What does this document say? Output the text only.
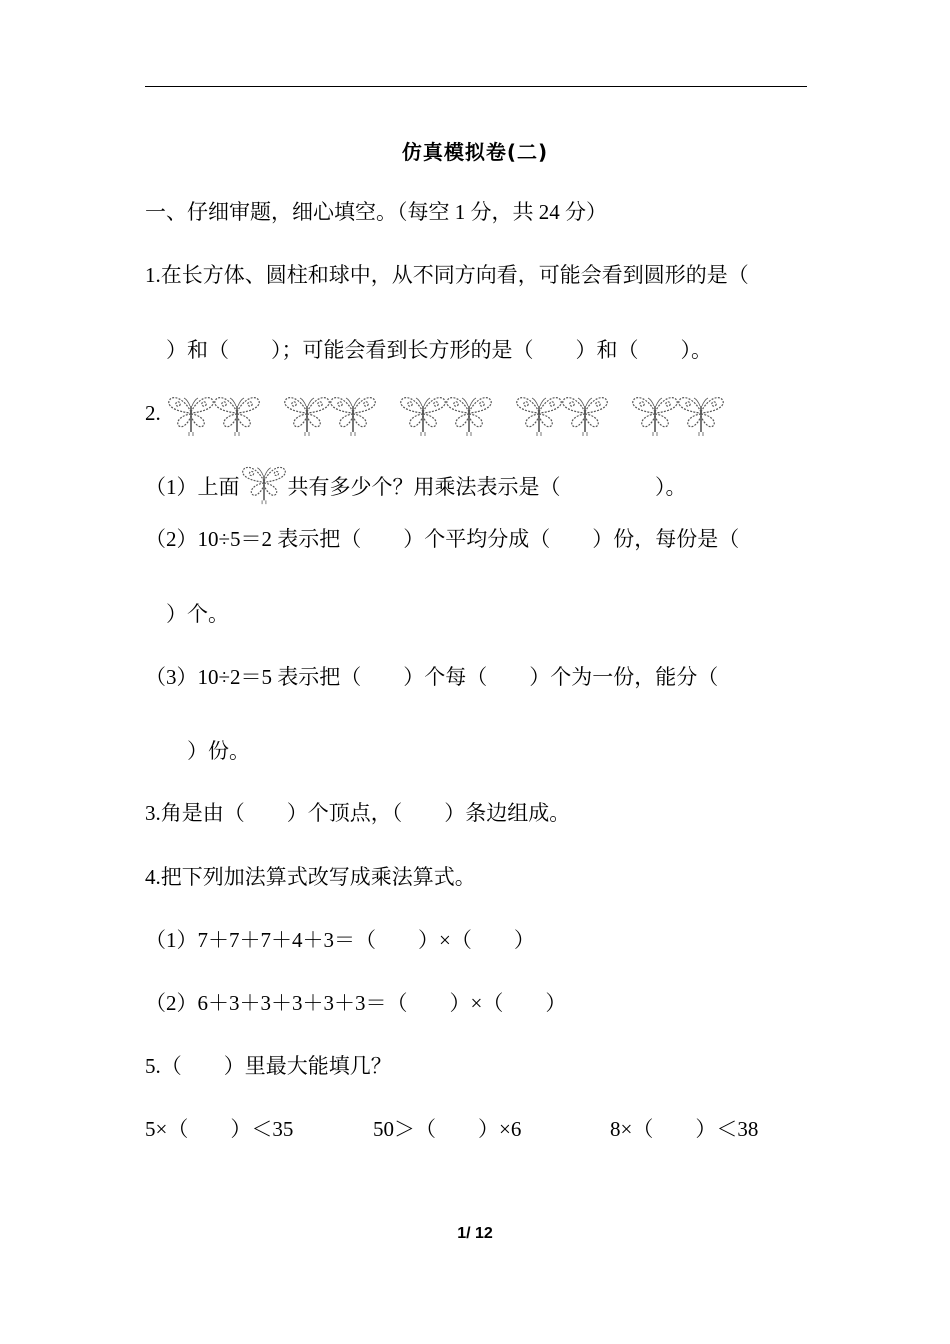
仿真模拟卷(二)
一、仔细审题，细心填空。（每空 1 分，共 24 分）
1.在长方体、圆柱和球中，从不同方向看，可能会看到圆形的是（
）和（        ）；可能会看到长方形的是（        ）和（        ）。
2.
（1）上面 共有多少个？用乘法表示是（                  ）。
（2）10÷5＝2 表示把（        ）个平均分成（        ）份，每份是（
）个。
（3）10÷2＝5 表示把（        ）个每（        ）个为一份，能分（
）份。
3.角是由（        ）个顶点，（        ）条边组成。
4.把下列加法算式改写成乘法算式。
（1）7＋7＋7＋4＋3＝（        ）×（        ）
（2）6＋3＋3＋3＋3＋3＝（        ）×（        ）
5.（        ）里最大能填几？
5×（        ）＜35	50＞（        ）×6	8×（        ）＜38
1/ 12
